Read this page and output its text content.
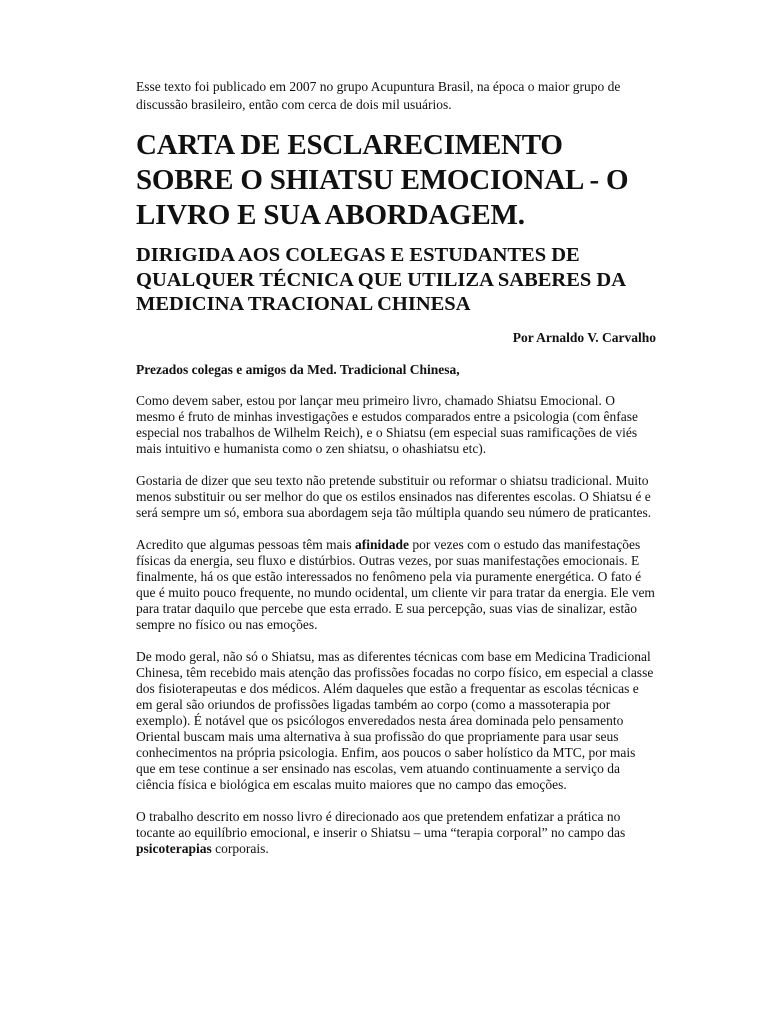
Esse texto foi publicado em 2007 no grupo Acupuntura Brasil, na época o maior grupo de discussão brasileiro, então com cerca de dois mil usuários.

CARTA DE ESCLARECIMENTO SOBRE O SHIATSU EMOCIONAL - O LIVRO E SUA ABORDAGEM.
DIRIGIDA AOS COLEGAS E ESTUDANTES DE QUALQUER TÉCNICA QUE UTILIZA SABERES DA MEDICINA TRACIONAL CHINESA

Por Arnaldo V. Carvalho

Prezados colegas e amigos da Med. Tradicional Chinesa,

Como devem saber, estou por lançar meu primeiro livro, chamado Shiatsu Emocional. O mesmo é fruto de minhas investigações e estudos comparados entre a psicologia (com ênfase especial nos trabalhos de Wilhelm Reich), e o Shiatsu (em especial suas ramificações de viés mais intuitivo e humanista como o zen shiatsu, o ohashiatsu etc).

Gostaria de dizer que seu texto não pretende substituir ou reformar o shiatsu tradicional. Muito menos substituir ou ser melhor do que os estilos ensinados nas diferentes escolas. O Shiatsu é e será sempre um só, embora sua abordagem seja tão múltipla quando seu número de praticantes.

Acredito que algumas pessoas têm mais afinidade por vezes com o estudo das manifestações físicas da energia, seu fluxo e distúrbios. Outras vezes, por suas manifestações emocionais. E finalmente, há os que estão interessados no fenômeno pela via puramente energética. O fato é que é muito pouco frequente, no mundo ocidental, um cliente vir para tratar da energia. Ele vem para tratar daquilo que percebe que esta errado. E sua percepção, suas vias de sinalizar, estão sempre no físico ou nas emoções.

De modo geral, não só o Shiatsu, mas as diferentes técnicas com base em Medicina Tradicional Chinesa, têm recebido mais atenção das profissões focadas no corpo físico, em especial a classe dos fisioterapeutas e dos médicos. Além daqueles que estão a frequentar as escolas técnicas e em geral são oriundos de profissões ligadas também ao corpo (como a massoterapia por exemplo). É notável que os psicólogos enveredados nesta área dominada pelo pensamento Oriental buscam mais uma alternativa à sua profissão do que propriamente para usar seus conhecimentos na própria psicologia. Enfim, aos poucos o saber holístico da MTC, por mais que em tese continue a ser ensinado nas escolas, vem atuando continuamente a serviço da ciência física e biológica em escalas muito maiores que no campo das emoções.

O trabalho descrito em nosso livro é direcionado aos que pretendem enfatizar a prática no tocante ao equilíbrio emocional, e inserir o Shiatsu – uma “terapia corporal” no campo das psicoterapias corporais.
